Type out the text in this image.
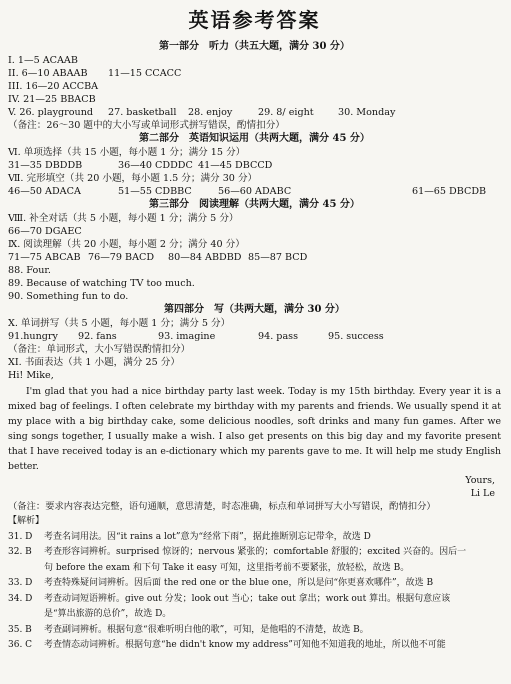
英语参考答案
第一部分　听力（共五大题，满分 30 分）
I. 1—5 ACAAB
II. 6—10 ABAAB	11—15 CCACC
III. 16—20 ACCBA
IV. 21—25 BBACB
V. 26. playground	27. basketball	28. enjoy	29. 8/ eight	30. Monday
（备注：26～30 题中的大小写或单词形式拼写错误，酌情扣分）
第二部分　英语知识运用（共两大题，满分 45 分）
Ⅵ. 单项选择（共 15 小题，每小题 1 分；满分 15 分）
31—35 DBDDB	36—40 CDDDC 41—45 DBCCD
Ⅶ. 完形填空（共 20 小题，每小题 1.5 分；满分 30 分）
46—50 ADACA	51—55 CDBBC	56—60 ADABC	61—65 DBCDB
第三部分　阅读理解（共两大题，满分 45 分）
Ⅷ. 补全对话（共 5 小题，每小题 1 分；满分 5 分）
66—70 DGAEC
Ⅸ. 阅读理解（共 20 小题，每小题 2 分；满分 40 分）
71—75 ABCAB 76—79 BACD	80—84 ABDBD 85—87 BCD
88. Four.
89. Because of watching TV too much.
90. Something fun to do.
第四部分　写（共两大题，满分 30 分）
Ⅹ. 单词拼写（共 5 小题，每小题 1 分；满分 5 分）
91.hungry	92. fans	93. imagine	94. pass	95. success
（备注：单词形式，大小写错误酌情扣分）
XI. 书面表达（共 1 小题，满分 25 分）
Hi! Mike,

I'm glad that you had a nice birthday party last week. Today is my 15th birthday. Every year it is a mixed bag of feelings. I often celebrate my birthday with my parents and friends. We usually spend it at my place with a big birthday cake, some delicious noodles, soft drinks and many fun games. After we sing songs together, I usually make a wish. I also get presents on this big day and my favorite present that I have received today is an e-dictionary which my parents gave to me. It will help me study English better.

Yours,
Li Le
（备注：要求内容表达完整，语句通顺，意思清楚，时态准确，标点和单词拼写大小写错误，酌情扣分）
【解析】
31. D	考查名词用法。因“it rains a lot”意为“经常下雨”，据此推断别忘记带伞，故选 D
32. B	考查形容词辨析。surprised 惊讶的；nervous 紧张的；comfortable 舒服的；excited 兴奋的。因后一
句 before the exam 和下句 Take it easy 可知，这里指考前不要紧张，放轻松，故选 B。
33. D	考查特殊疑问词辨析。因后面 the red one or the blue one，所以是问“你更喜欢哪件”，故选 B
34. D	考查动词短语辨析。give out 分发；look out 当心；take out 拿出；work out 算出。根据句意应该
是“算出旅游的总价”，故选 D。
35. B	考查副词辨析。根据句意“很难听明白他的歌”，可知，是他唱的不清楚，故选 B。
36. C	考查情态动词辨析。根据句意“he didn't know my address”可知他不知道我的地址，所以他不可能
